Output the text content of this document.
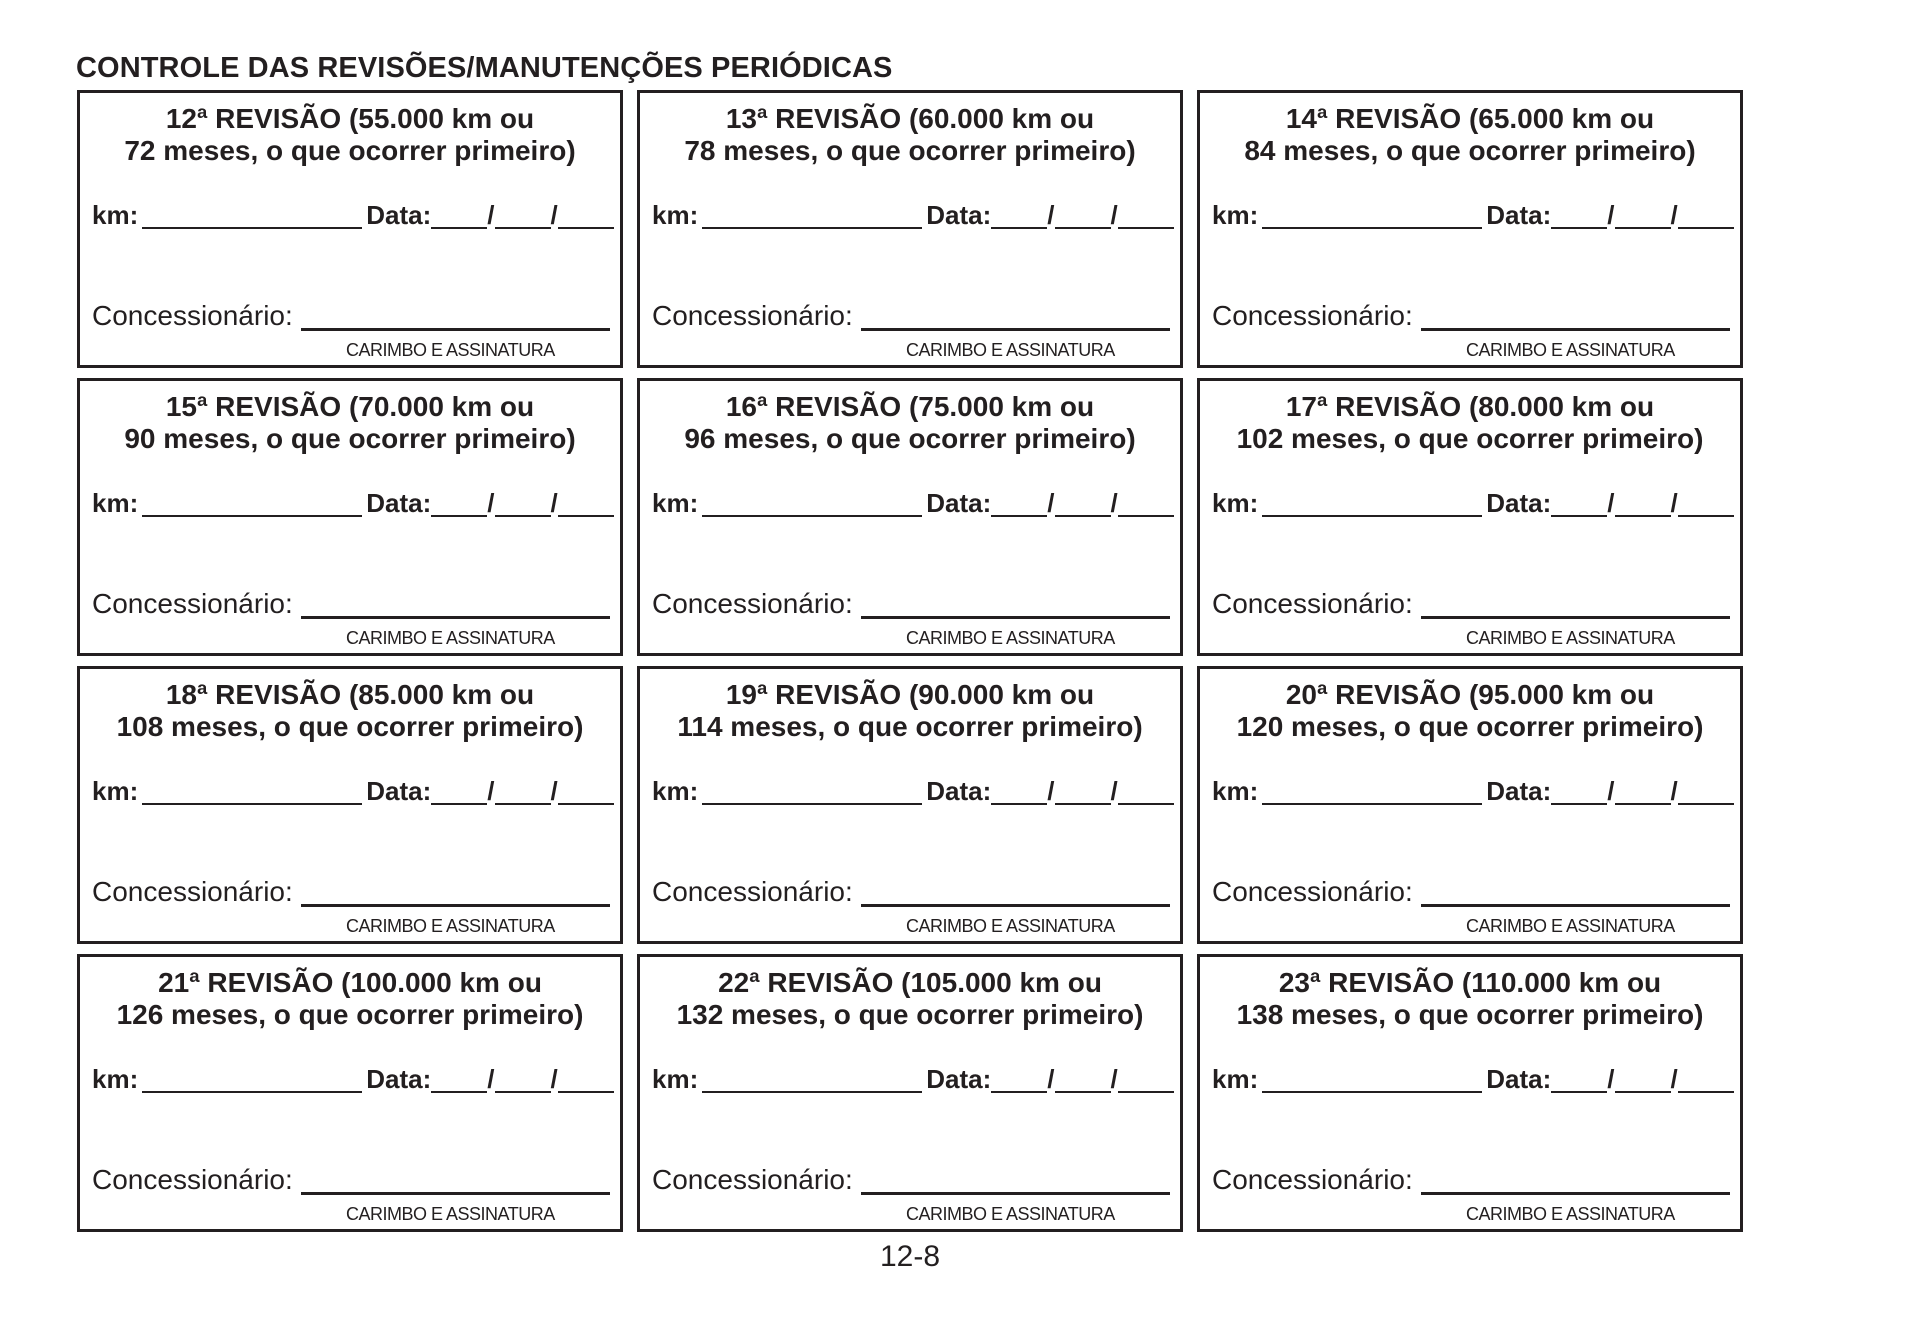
CONTROLE DAS REVISÕES/MANUTENÇÕES PERIÓDICAS
12ª REVISÃO (55.000 km ou
72 meses, o que ocorrer primeiro)
km:	Data: / /
Concessionário:
CARIMBO E ASSINATURA
13ª REVISÃO (60.000 km ou
78 meses, o que ocorrer primeiro)
km:	Data: / /
Concessionário:
CARIMBO E ASSINATURA
14ª REVISÃO (65.000 km ou
84 meses, o que ocorrer primeiro)
km:	Data: / /
Concessionário:
CARIMBO E ASSINATURA
15ª REVISÃO (70.000 km ou
90 meses, o que ocorrer primeiro)
km:	Data: / /
Concessionário:
CARIMBO E ASSINATURA
16ª REVISÃO (75.000 km ou
96 meses, o que ocorrer primeiro)
km:	Data: / /
Concessionário:
CARIMBO E ASSINATURA
17ª REVISÃO (80.000 km ou
102 meses, o que ocorrer primeiro)
km:	Data: / /
Concessionário:
CARIMBO E ASSINATURA
18ª REVISÃO (85.000 km ou
108 meses, o que ocorrer primeiro)
km:	Data: / /
Concessionário:
CARIMBO E ASSINATURA
19ª REVISÃO (90.000 km ou
114 meses, o que ocorrer primeiro)
km:	Data: / /
Concessionário:
CARIMBO E ASSINATURA
20ª REVISÃO (95.000 km ou
120 meses, o que ocorrer primeiro)
km:	Data: / /
Concessionário:
CARIMBO E ASSINATURA
21ª REVISÃO (100.000 km ou
126 meses, o que ocorrer primeiro)
km:	Data: / /
Concessionário:
CARIMBO E ASSINATURA
22ª REVISÃO (105.000 km ou
132 meses, o que ocorrer primeiro)
km:	Data: / /
Concessionário:
CARIMBO E ASSINATURA
23ª REVISÃO (110.000 km ou
138 meses, o que ocorrer primeiro)
km:	Data: / /
Concessionário:
CARIMBO E ASSINATURA
12-8
